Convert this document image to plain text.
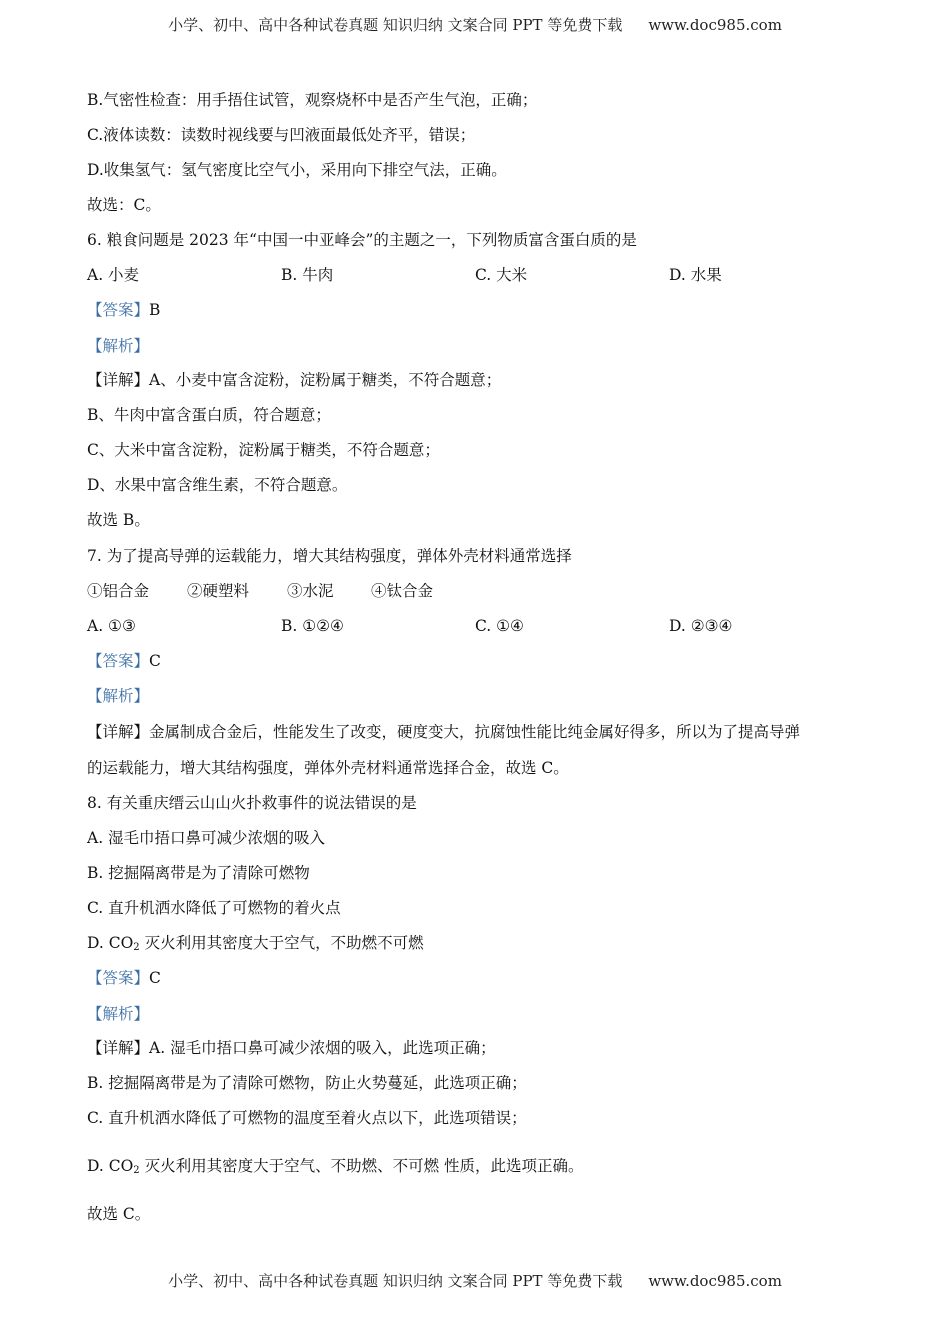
小学、初中、高中各种试卷真题 知识归纳 文案合同 PPT 等免费下载 www.doc985.com
B.气密性检查：用手捂住试管，观察烧杯中是否产生气泡，正确；
C.液体读数：读数时视线要与凹液面最低处齐平，错误；
D.收集氢气：氢气密度比空气小，采用向下排空气法，正确。
故选：C。
6. 粮食问题是 2023 年“中国一中亚峰会”的主题之一，下列物质富含蛋白质的是
A. 小麦	B. 牛肉	C. 大米	D. 水果
【答案】B
【解析】
【详解】A、小麦中富含淀粉，淀粉属于糖类，不符合题意；
B、牛肉中富含蛋白质，符合题意；
C、大米中富含淀粉，淀粉属于糖类，不符合题意；
D、水果中富含维生素，不符合题意。
故选 B。
7. 为了提高导弹的运载能力，增大其结构强度，弹体外壳材料通常选择
①铝合金 ②硬塑料 ③水泥 ④钛合金
A. ①③	B. ①②④	C. ①④	D. ②③④
【答案】C
【解析】
【详解】金属制成合金后，性能发生了改变，硬度变大，抗腐蚀性能比纯金属好得多，所以为了提高导弹
的运载能力，增大其结构强度，弹体外壳材料通常选择合金，故选 C。
8. 有关重庆缙云山山火扑救事件的说法错误的是
A. 湿毛巾捂口鼻可减少浓烟的吸入
B. 挖掘隔离带是为了清除可燃物
C. 直升机洒水降低了可燃物的着火点
D. $CO_2$ 灭火利用其密度大于空气，不助燃不可燃
【答案】C
【解析】
【详解】A. 湿毛巾捂口鼻可减少浓烟的吸入，此选项正确；
B. 挖掘隔离带是为了清除可燃物，防止火势蔓延，此选项正确；
C. 直升机洒水降低了可燃物的温度至着火点以下，此选项错误；
D. $CO_2$ 灭火利用其密度大于空气、不助燃、不可燃 性质，此选项正确。
故选 C。
小学、初中、高中各种试卷真题 知识归纳 文案合同 PPT 等免费下载 www.doc985.com
